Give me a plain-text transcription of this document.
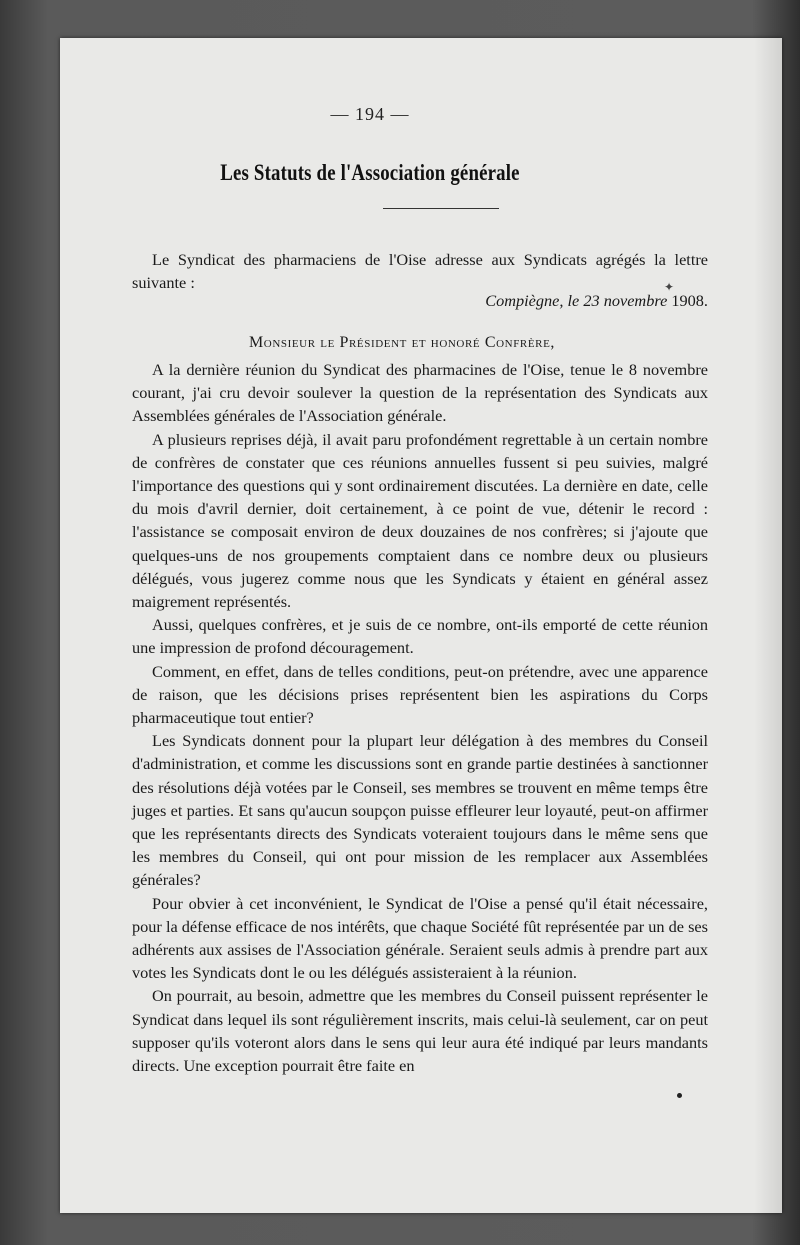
— 194 —
Les Statuts de l'Association générale

Le Syndicat des pharmaciens de l'Oise adresse aux Syndicats agrégés la lettre suivante :

Compiègne, le 23 novembre 1908.
Monsieur le Président et honoré Confrère,

A la dernière réunion du Syndicat des pharmacines de l'Oise, tenue le 8 novembre courant, j'ai cru devoir soulever la question de la représentation des Syndicats aux Assemblées générales de l'Association générale.

A plusieurs reprises déjà, il avait paru profondément regrettable à un certain nombre de confrères de constater que ces réunions annuelles fussent si peu suivies, malgré l'importance des questions qui y sont ordinairement discutées. La dernière en date, celle du mois d'avril dernier, doit certainement, à ce point de vue, détenir le record : l'assistance se composait environ de deux douzaines de nos confrères; si j'ajoute que quelques-uns de nos groupements comptaient dans ce nombre deux ou plusieurs délégués, vous jugerez comme nous que les Syndicats y étaient en général assez maigrement représentés.

Aussi, quelques confrères, et je suis de ce nombre, ont-ils emporté de cette réunion une impression de profond découragement.

Comment, en effet, dans de telles conditions, peut-on prétendre, avec une apparence de raison, que les décisions prises représentent bien les aspirations du Corps pharmaceutique tout entier?

Les Syndicats donnent pour la plupart leur délégation à des membres du Conseil d'administration, et comme les discussions sont en grande partie destinées à sanctionner des résolutions déjà votées par le Conseil, ses membres se trouvent en même temps être juges et parties. Et sans qu'aucun soupçon puisse effleurer leur loyauté, peut-on affirmer que les représentants directs des Syndicats voteraient toujours dans le même sens que les membres du Conseil, qui ont pour mission de les remplacer aux Assemblées générales?

Pour obvier à cet inconvénient, le Syndicat de l'Oise a pensé qu'il était nécessaire, pour la défense efficace de nos intérêts, que chaque Société fût représentée par un de ses adhérents aux assises de l'Association générale. Seraient seuls admis à prendre part aux votes les Syndicats dont le ou les délégués assisteraient à la réunion.

On pourrait, au besoin, admettre que les membres du Conseil puissent représenter le Syndicat dans lequel ils sont régulièrement inscrits, mais celui-là seulement, car on peut supposer qu'ils voteront alors dans le sens qui leur aura été indiqué par leurs mandants directs. Une exception pourrait être faite en

✦
